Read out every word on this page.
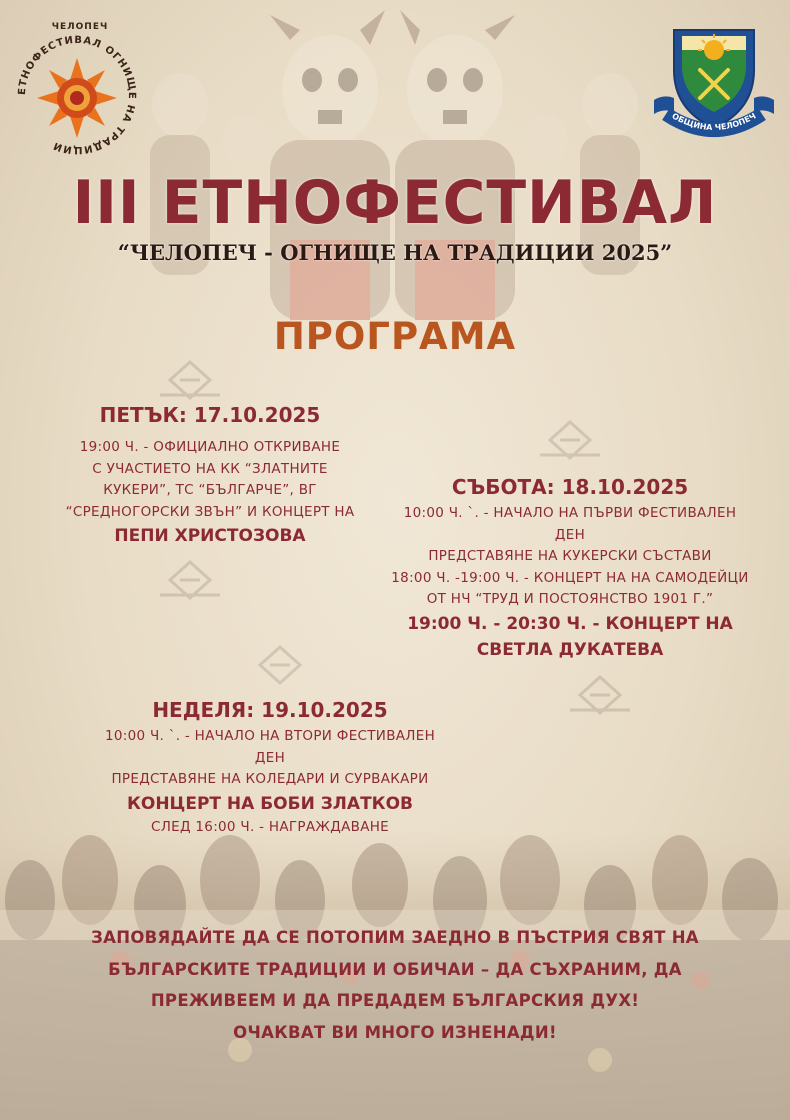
ЕТНОФЕСТИВАЛ ОГНИЩЕ НА ТРАДИЦИИ
ОБЩИНА ЧЕЛОПЕЧ
III ЕТНОФЕСТИВАЛ
“ЧЕЛОПЕЧ - ОГНИЩЕ НА ТРАДИЦИИ 2025”
ПРОГРАМА
ПЕТЪК: 17.10.2025
19:00 Ч. - ОФИЦИАЛНО ОТКРИВАНЕ
С УЧАСТИЕТО НА КК “ЗЛАТНИТЕ
КУКЕРИ”, ТС “БЪЛГАРЧЕ”, ВГ
“СРЕДНОГОРСКИ ЗВЪН” И КОНЦЕРТ НА
ПЕПИ ХРИСТОЗОВА
СЪБОТА: 18.10.2025
10:00 Ч. `. - НАЧАЛО НА ПЪРВИ ФЕСТИВАЛЕН
ДЕН
ПРЕДСТАВЯНЕ НА КУКЕРСКИ СЪСТАВИ
18:00 Ч. -19:00 Ч. - КОНЦЕРТ НА НА САМОДЕЙЦИ
ОТ НЧ “ТРУД И ПОСТОЯНСТВО 1901 Г.”
19:00 Ч. - 20:30 Ч. - КОНЦЕРТ НА
СВЕТЛА ДУКАТЕВА
НЕДЕЛЯ: 19.10.2025
10:00 Ч. `. - НАЧАЛО НА ВТОРИ ФЕСТИВАЛЕН
ДЕН
ПРЕДСТАВЯНЕ НА КОЛЕДАРИ И СУРВАКАРИ
КОНЦЕРТ НА БОБИ ЗЛАТКОВ
СЛЕД 16:00 Ч. - НАГРАЖДАВАНЕ
ЗАПОВЯДАЙТЕ ДА СЕ ПОТОПИМ ЗАЕДНО В ПЪСТРИЯ СВЯТ НА
БЪЛГАРСКИТЕ ТРАДИЦИИ И ОБИЧАИ – ДА СЪХРАНИМ, ДА
ПРЕЖИВЕЕМ И ДА ПРЕДАДЕМ БЪЛГАРСКИЯ ДУХ!
ОЧАКВАТ ВИ МНОГО ИЗНЕНАДИ!
ЧЕЛОПЕЧ
